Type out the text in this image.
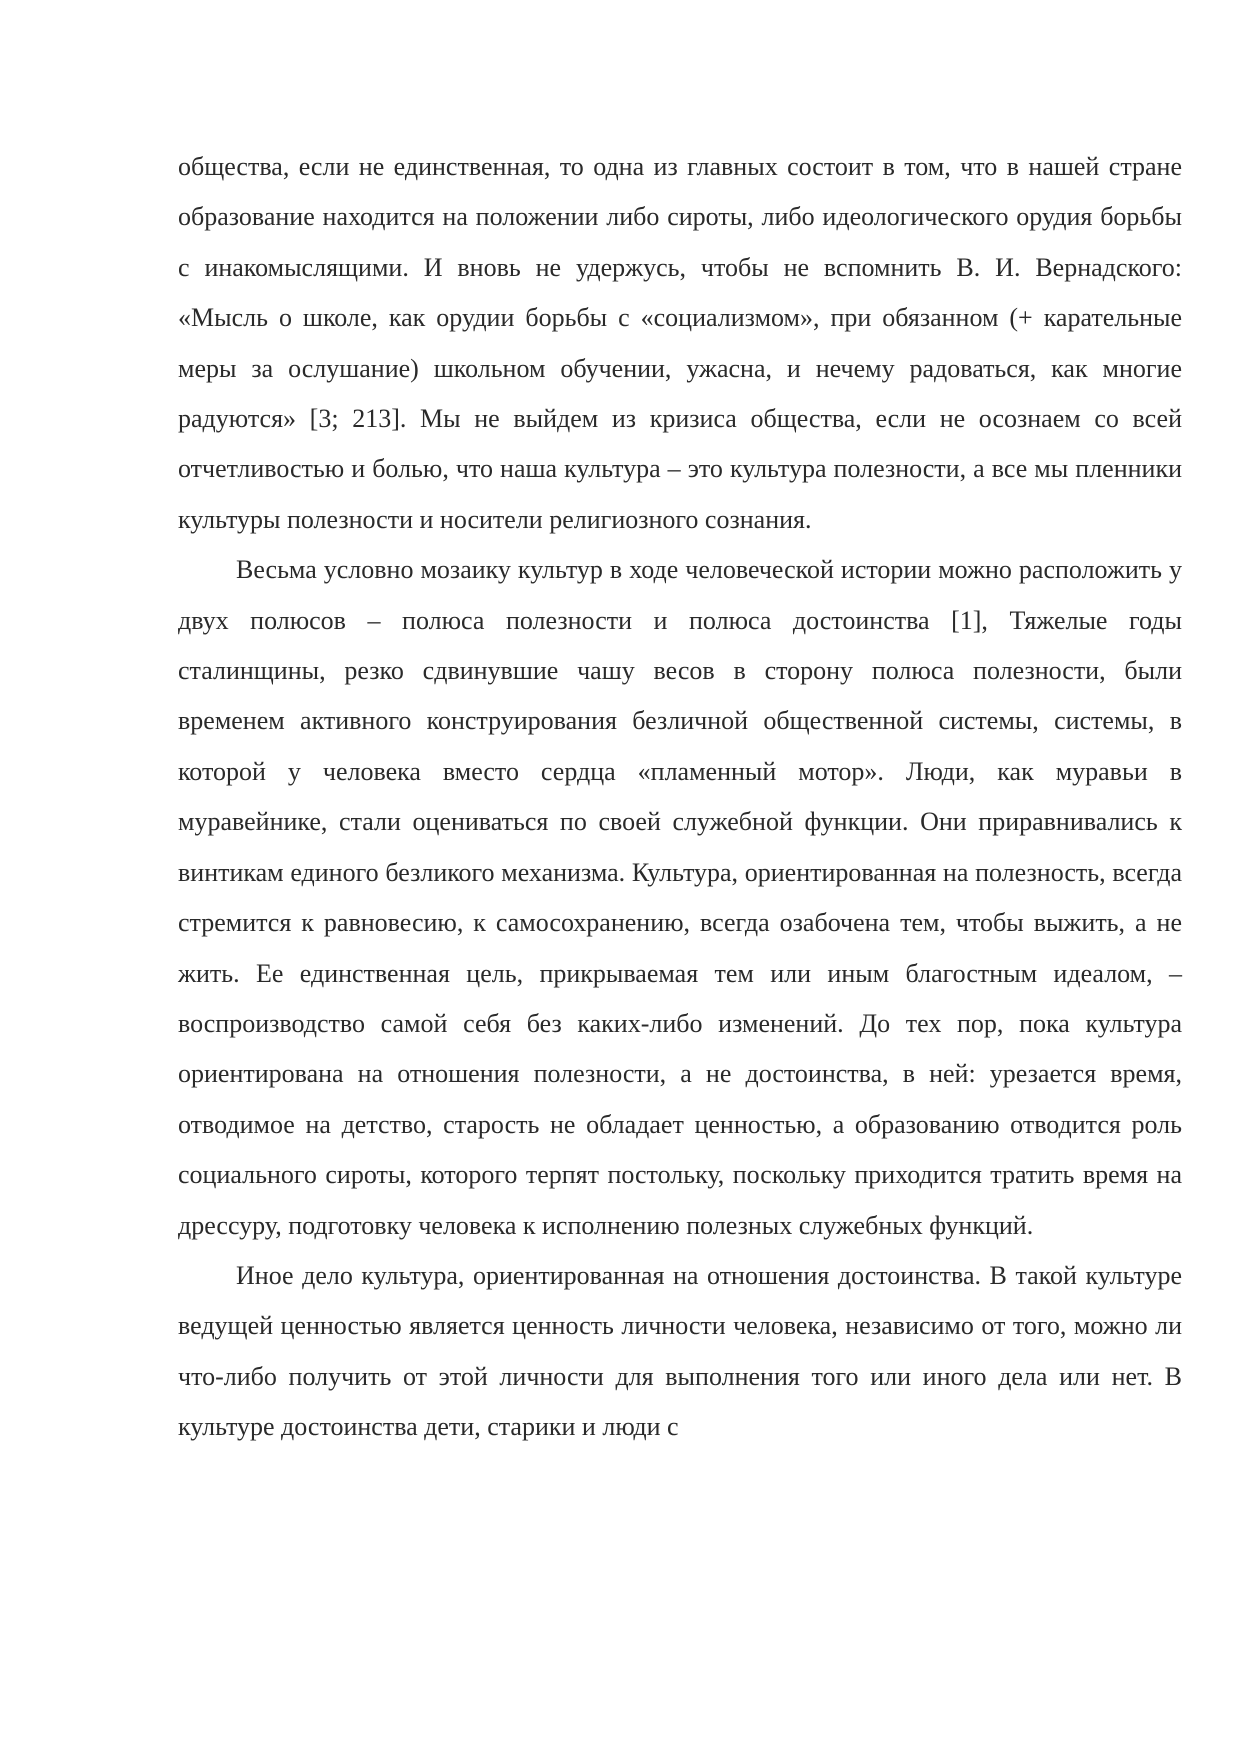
общества, если не единственная, то одна из главных состоит в том, что в нашей стране образование находится на положении либо сироты, либо идеологического орудия борьбы с инакомыслящими. И вновь не удержусь, чтобы не вспомнить В. И. Вернадского: «Мысль о школе, как орудии борьбы с «социализмом», при обязанном (+ карательные меры за ослушание) школьном обучении, ужасна, и нечему радоваться, как многие радуются» [3; 213]. Мы не выйдем из кризиса общества, если не осознаем со всей отчетливостью и болью, что наша культура – это культура полезности, а все мы пленники культуры полезности и носители религиозного сознания.

Весьма условно мозаику культур в ходе человеческой истории можно расположить у двух полюсов – полюса полезности и полюса достоинства [1], Тяжелые годы сталинщины, резко сдвинувшие чашу весов в сторону полюса полезности, были временем активного конструирования безличной общественной системы, системы, в которой у человека вместо сердца «пламенный мотор». Люди, как муравьи в муравейнике, стали оцениваться по своей служебной функции. Они приравнивались к винтикам единого безликого механизма. Культура, ориентированная на полезность, всегда стремится к равновесию, к самосохранению, всегда озабочена тем, чтобы выжить, а не жить. Ее единственная цель, прикрываемая тем или иным благостным идеалом, – воспроизводство самой себя без каких-либо изменений. До тех пор, пока культура ориентирована на отношения полезности, а не достоинства, в ней: урезается время, отводимое на детство, старость не обладает ценностью, а образованию отводится роль социального сироты, которого терпят постольку, поскольку приходится тратить время на дрессуру, подготовку человека к исполнению полезных служебных функций.

Иное дело культура, ориентированная на отношения достоинства. В такой культуре ведущей ценностью является ценность личности человека, независимо от того, можно ли что-либо получить от этой личности для выполнения того или иного дела или нет. В культуре достоинства дети, старики и люди с
